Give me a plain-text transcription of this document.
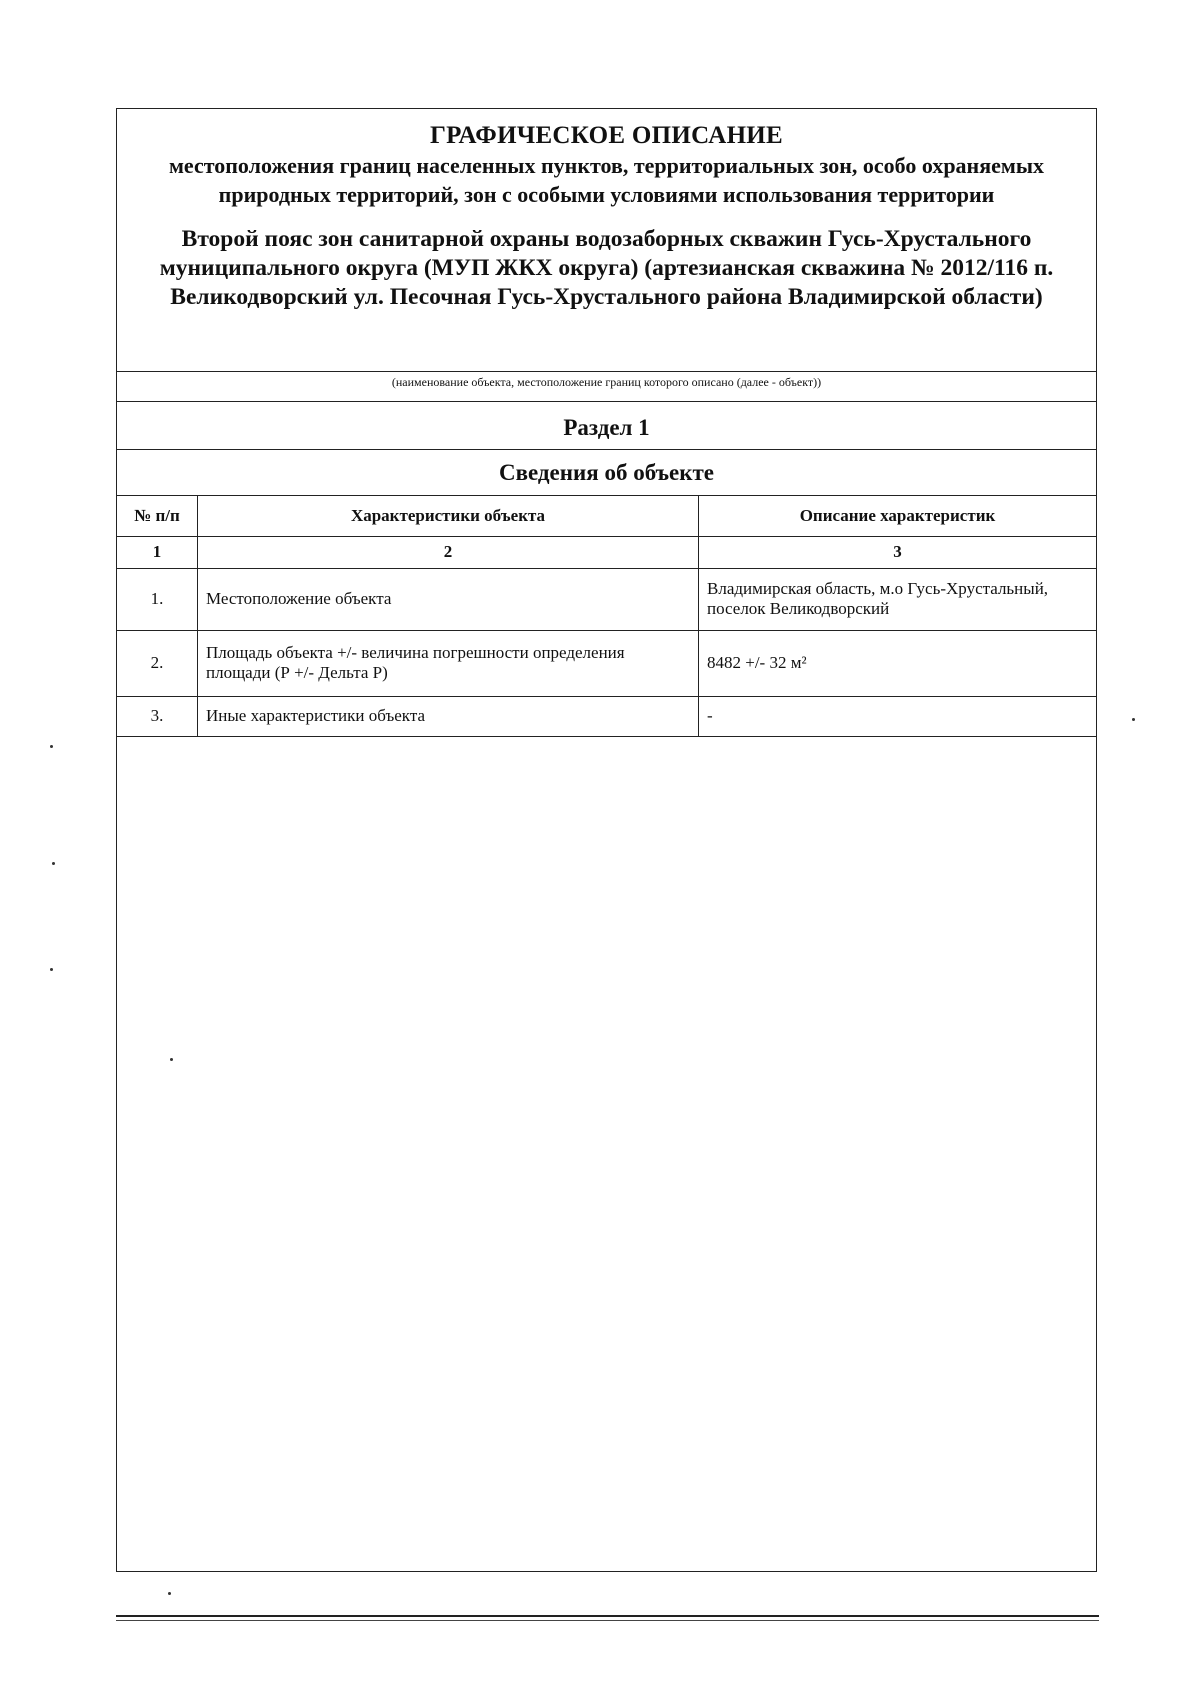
ГРАФИЧЕСКОЕ ОПИСАНИЕ
местоположения границ населенных пунктов, территориальных зон, особо охраняемых природных территорий, зон с особыми условиями использования территории
Второй пояс зон санитарной охраны водозаборных скважин Гусь-Хрустального муниципального округа (МУП ЖКХ округа) (артезианская скважина № 2012/116 п. Великодворский ул. Песочная Гусь-Хрустального района Владимирской области)
(наименование объекта, местоположение границ которого описано (далее - объект))
Раздел 1
Сведения об объекте
№ п/п	Характеристики объекта	Описание характеристик
1	2	3
1.	Местоположение объекта	Владимирская область, м.о Гусь-Хрустальный, поселок Великодворский
2.	Площадь объекта +/- величина погрешности определения площади (Р +/- Дельта Р)	8482 +/- 32 м²
3.	Иные характеристики объекта	-
